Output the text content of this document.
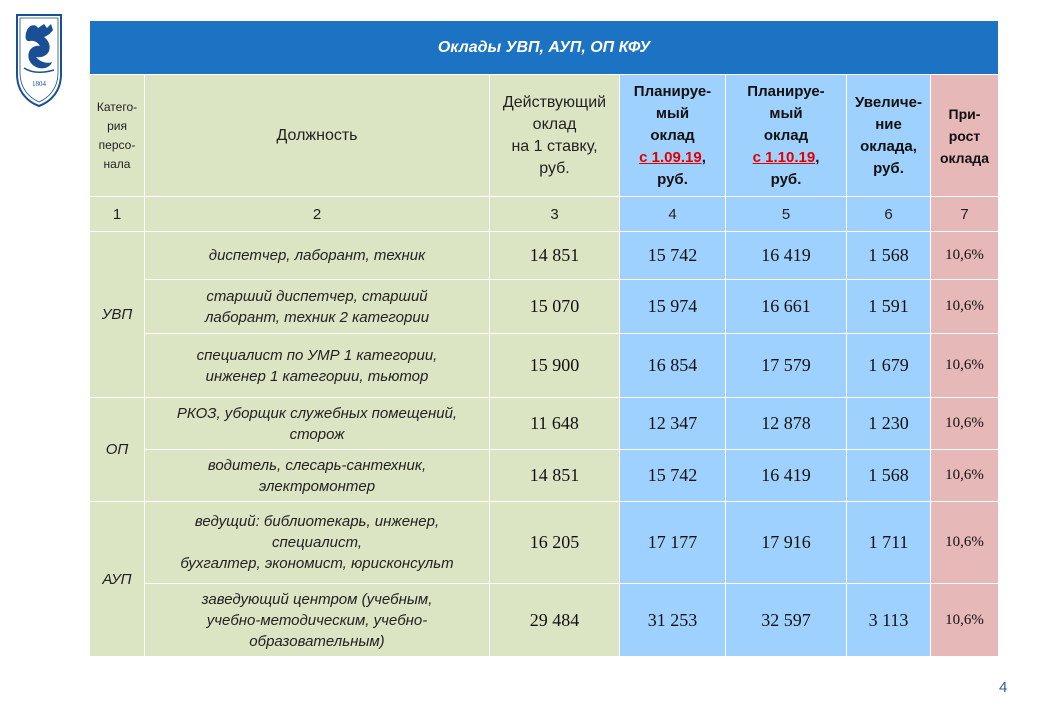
1804
Оклады УВП, АУП, ОП КФУ						
Катего-
рия
персо-
нала	Должность	Действующий
оклад
на 1 ставку,
руб.	Планируе-
мый
оклад
с 1.09.19,
руб.	Планируе-
мый
оклад
с 1.10.19,
руб.	Увеличе-
ние
оклада,
руб.	При-
рост
оклада
1	2	3	4	5	6	7
УВП	диспетчер, лаборант, техник	14 851	15 742	16 419	1 568	10,6%
	старший диспетчер, старший
лаборант, техник 2 категории	15 070	15 974	16 661	1 591	10,6%
	специалист по УМР 1 категории,
инженер 1 категории, тьютор	15 900	16 854	17 579	1 679	10,6%
ОП	РКОЗ, уборщик служебных помещений,
сторож	11 648	12 347	12 878	1 230	10,6%
	водитель, слесарь-сантехник,
электромонтер	14 851	15 742	16 419	1 568	10,6%
АУП	ведущий: библиотекарь, инженер,
специалист,
бухгалтер, экономист, юрисконсульт	16 205	17 177	17 916	1 711	10,6%
	заведующий центром (учебным,
учебно-методическим, учебно-
образовательным)	29 484	31 253	32 597	3 113	10,6%
4
